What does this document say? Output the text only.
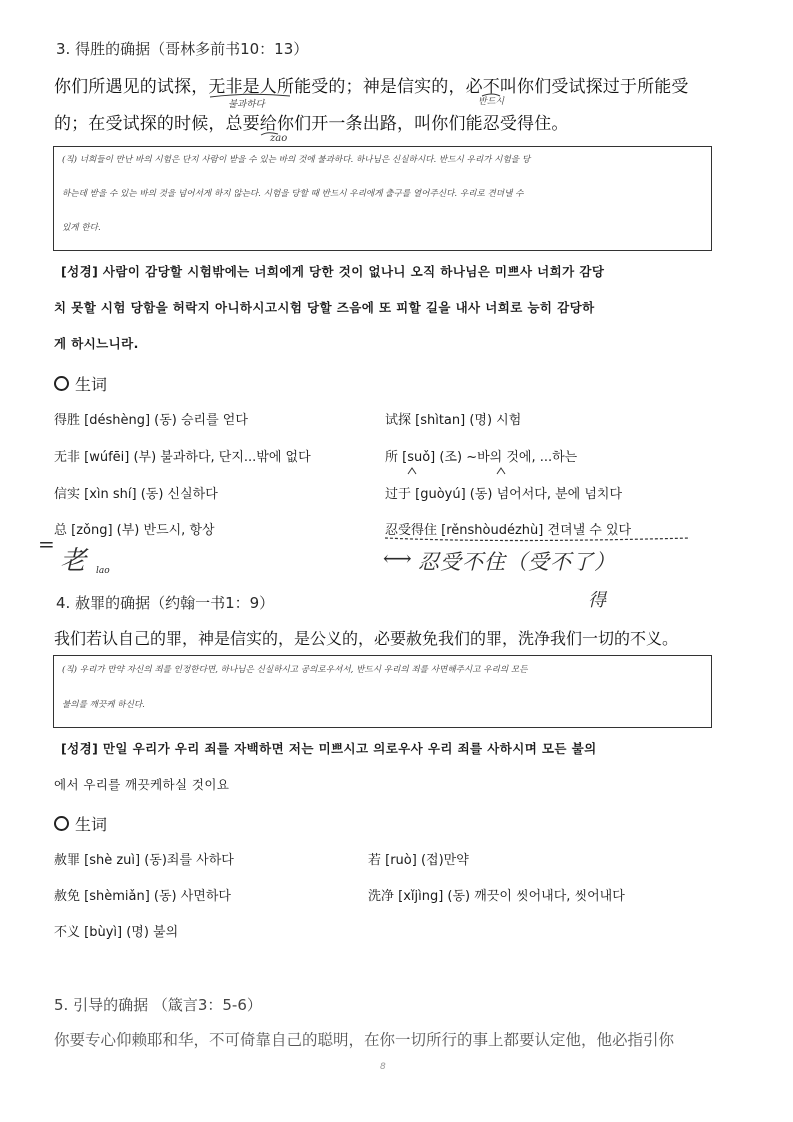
3. 得胜的确据（哥林多前书10：13）
你们所遇见的试探，无非是人所能受的；神是信实的，必不叫你们受试探过于所能受
的；在受试探的时候，总要给你们开一条出路，叫你们能忍受得住。
불과하다	반드시
zao
(직) 너희들이 만난 바의 시험은 단지 사람이 받을 수 있는 바의 것에 불과하다. 하나님은 신실하시다. 반드시 우리가 시험을 당
하는데 받을 수 있는 바의 것을 넘어서게 하지 않는다. 시험을 당할 때 반드시 우리에게 출구를 열어주신다. 우리로 견뎌낼 수
있게 한다.
[성경] 사람이 감당할 시험밖에는 너희에게 당한 것이 없나니 오직 하나님은 미쁘사 너희가 감당
치 못할 시험 당함을 허락지 아니하시고시험 당할 즈음에 또 피할 길을 내사 너희로 능히 감당하
게 하시느니라.
生词
得胜 [déshèng] (동) 승리를 얻다	试探 [shìtan] (명) 시험
无非 [wúfēi] (부) 불과하다, 단지...밖에 없다	所 [suǒ] (조) ~바의 것에, ...하는
信实 [xìn shí] (동) 신실하다	过于 [guòyú] (동) 넘어서다, 분에 넘치다
总 [zǒng] (부) 반드시, 항상	忍受得住 [rěnshòudézhù] 견뎌낼 수 있다
=
老 lao
⟷ 忍受不住（受不了）
得
4. 赦罪的确据（约翰一书1：9）
我们若认自己的罪，神是信实的，是公义的，必要赦免我们的罪，洗净我们一切的不义。
(직) 우리가 만약 자신의 죄를 인정한다면, 하나님은 신실하시고 공의로우셔서, 반드시 우리의 죄를 사면해주시고 우리의 모든
불의를 깨끗케 하신다.
[성경] 만일 우리가 우리 죄를 자백하면 저는 미쁘시고 의로우사 우리 죄를 사하시며 모든 불의
에서 우리를 깨끗케하실 것이요
生词
赦罪 [shè zuì] (동)죄를 사하다	若 [ruò] (접)만약
赦免 [shèmiǎn] (동) 사면하다	洗净 [xǐjìng] (동) 깨끗이 씻어내다, 씻어내다
不义 [bùyì] (명) 불의
5. 引导的确据 （箴言3：5-6）
你要专心仰赖耶和华，不可倚靠自己的聪明，在你一切所行的事上都要认定他，他必指引你
8
